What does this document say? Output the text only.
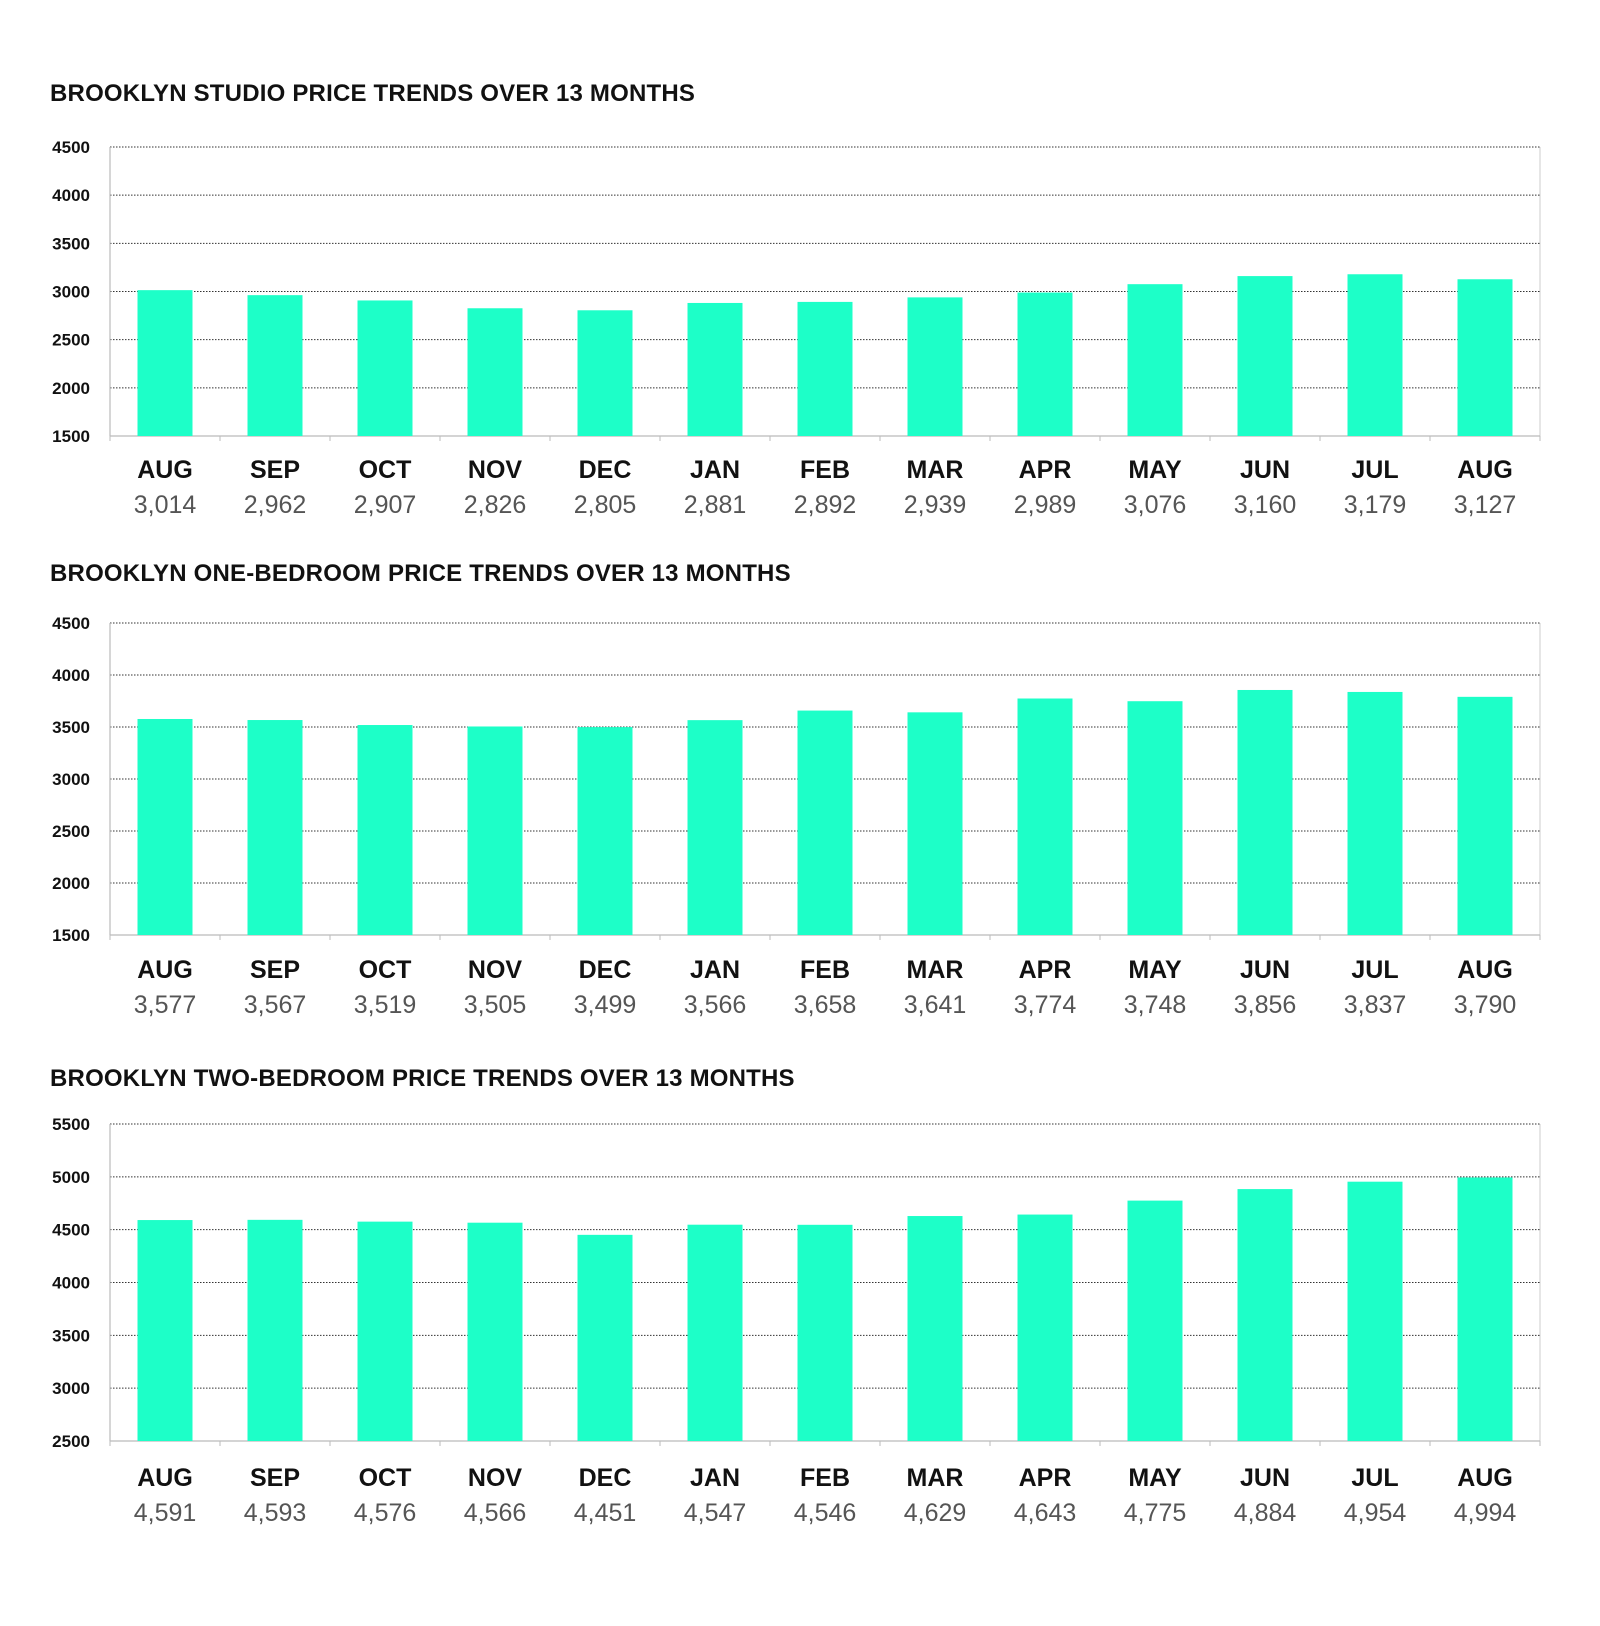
BROOKLYN STUDIO PRICE TRENDS OVER 13 MONTHS
4500
4000
3500
3000
2500
2000
1500
AUG
3,014
SEP
2,962
OCT
2,907
NOV
2,826
DEC
2,805
JAN
2,881
FEB
2,892
MAR
2,939
APR
2,989
MAY
3,076
JUN
3,160
JUL
3,179
AUG
3,127
BROOKLYN ONE-BEDROOM PRICE TRENDS OVER 13 MONTHS
4500
4000
3500
3000
2500
2000
1500
AUG
3,577
SEP
3,567
OCT
3,519
NOV
3,505
DEC
3,499
JAN
3,566
FEB
3,658
MAR
3,641
APR
3,774
MAY
3,748
JUN
3,856
JUL
3,837
AUG
3,790
BROOKLYN TWO-BEDROOM PRICE TRENDS OVER 13 MONTHS
5500
5000
4500
4000
3500
3000
2500
AUG
4,591
SEP
4,593
OCT
4,576
NOV
4,566
DEC
4,451
JAN
4,547
FEB
4,546
MAR
4,629
APR
4,643
MAY
4,775
JUN
4,884
JUL
4,954
AUG
4,994
